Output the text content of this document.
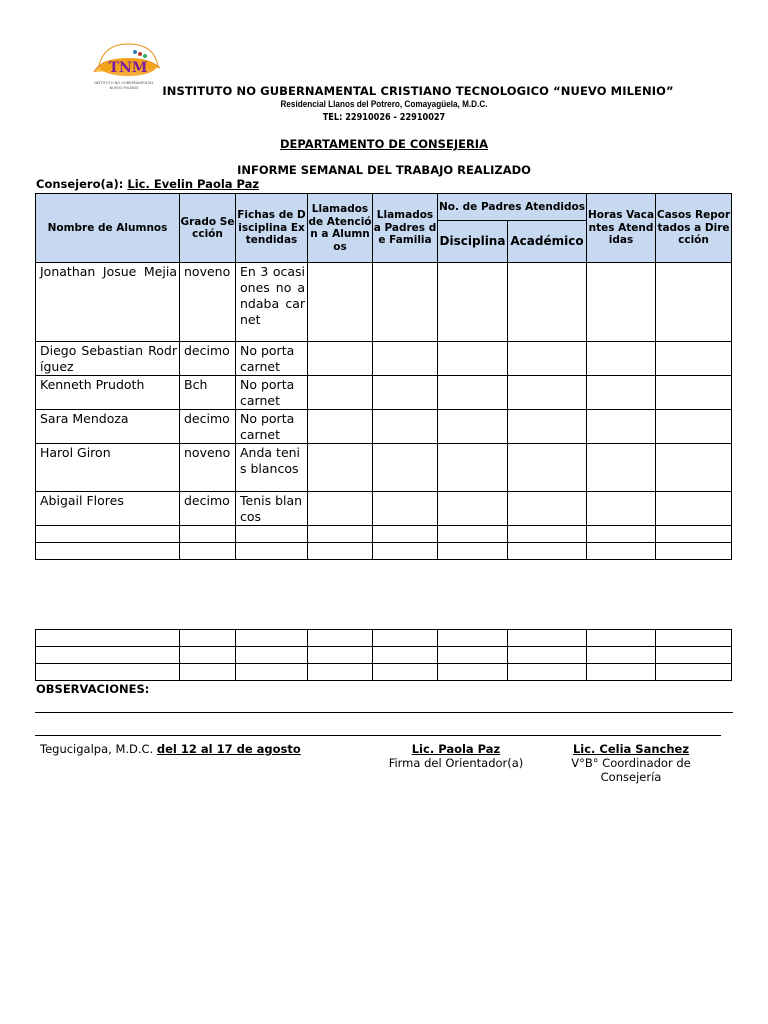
TNM
INSTITUTO NO GUBERNAMENTAL
NUEVO MILENIO	INSTITUTO NO GUBERNAMENTAL CRISTIANO TECNOLOGICO “NUEVO MILENIO”
Residencial Llanos del Potrero, Comayagüela, M.D.C.
TEL: 22910026 - 22910027
DEPARTAMENTO DE CONSEJERIA
INFORME SEMANAL DEL TRABAJO REALIZADO
Consejero(a): Lic. Evelin Paola Paz
Nombre de Alumnos	Grado Sección	Fichas de Disciplina Extendidas	Llamados de Atención a Alumnos	Llamados a Padres de Familia	No. de Padres Atendidos		Horas Vacantes Atendidas	Casos Reportados a Dirección
					Disciplina	Académico		
Jonathan Josue Mejia	noveno	En 3 ocasiones no andaba carnet						
Diego Sebastian Rodríguez	decimo	No porta carnet						
Kenneth Prudoth	Bch	No porta carnet						
Sara Mendoza	decimo	No porta carnet						
Harol Giron	noveno	Anda tenis blancos						
Abigail Flores	decimo	Tenis blancos						

OBSERVACIONES:
Tegucigalpa, M.D.C. del 12 al 17 de agosto	Lic. Paola Paz
Firma del Orientador(a)
Lic. Celia Sanchez
V°B° Coordinador de
Consejería
